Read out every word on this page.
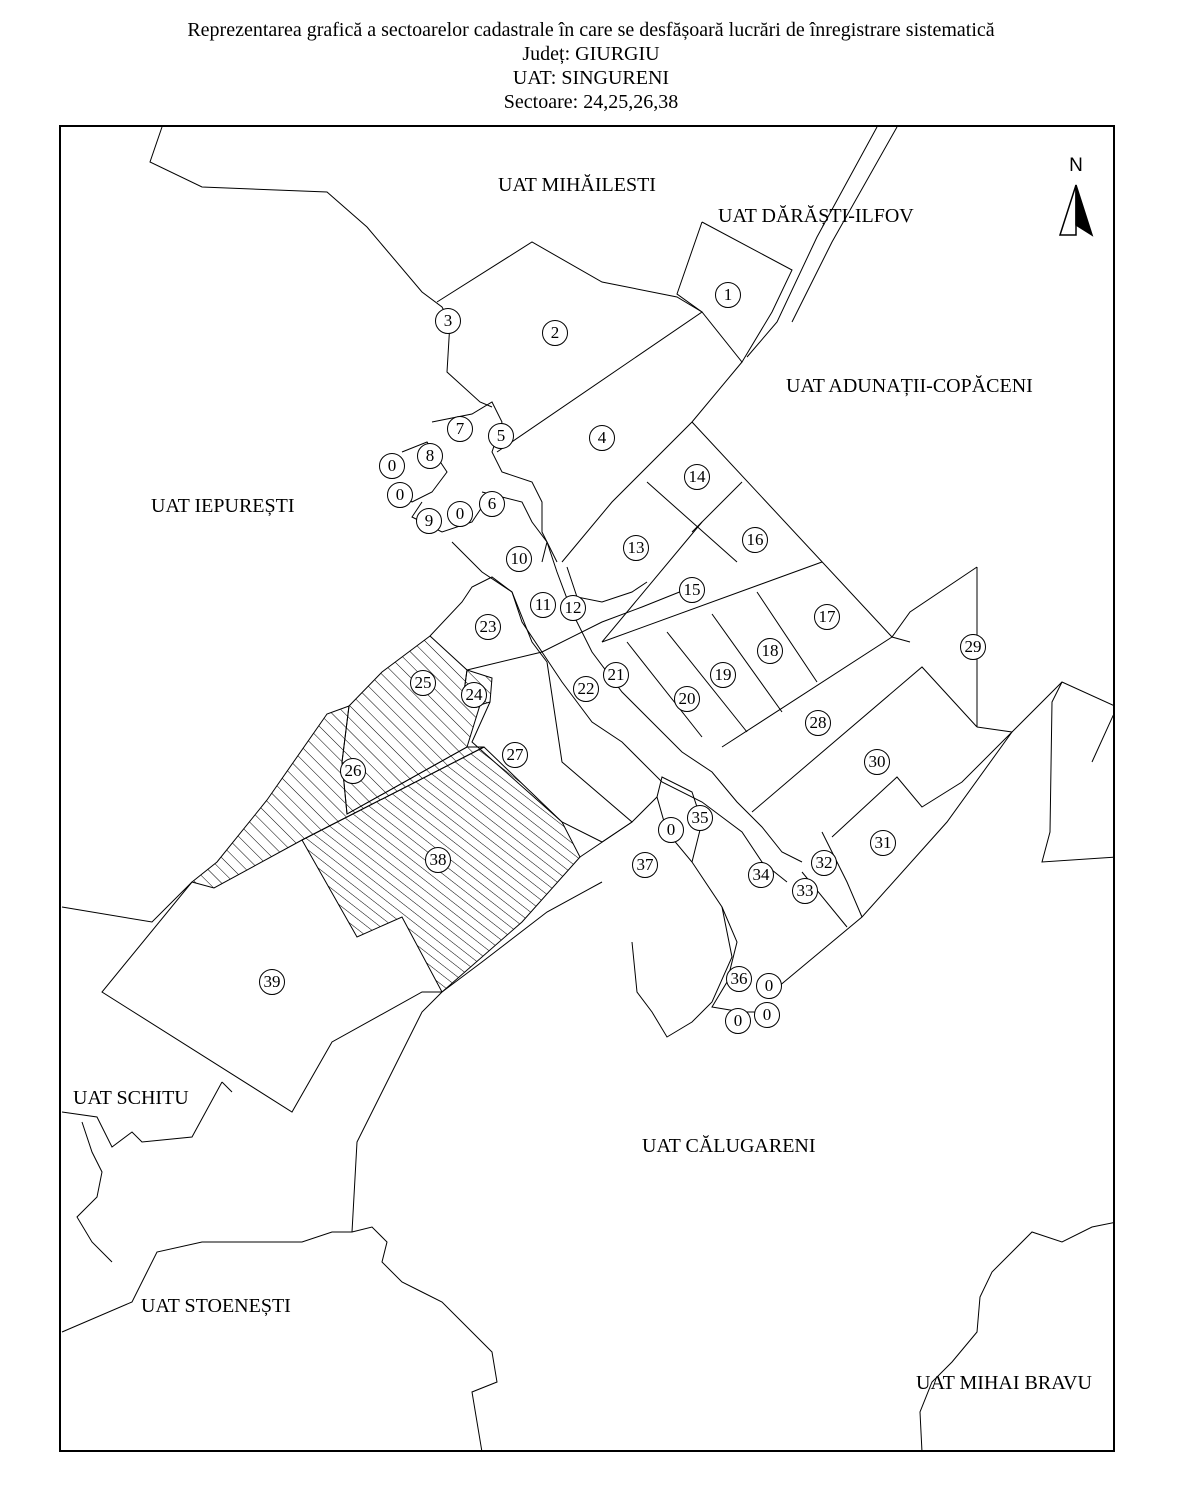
Reprezentarea grafică a sectoarelor cadastrale în care se desfășoară lucrări de înregistrare sistematică

Județ: GIURGIU

UAT: SINGURENI

Sectoare: 24,25,26,38

UAT MIHĂILESTI
UAT DĂRĂȘTI-ILFOV
UAT ADUNAȚII-COPĂCENI
UAT IEPUREȘTI
UAT SCHITU
UAT CĂLUGARENI
UAT STOENEȘTI
UAT MIHAI BRAVU
N
1
2
3
4
5
6
7
8
9
10
11 12
13
14
15
16
17
18
19
20
21
22
23
24
25
26
27
28
29
30
31
32
33
34
35
36
37
38
39
0
0
0
0
0
0	0
